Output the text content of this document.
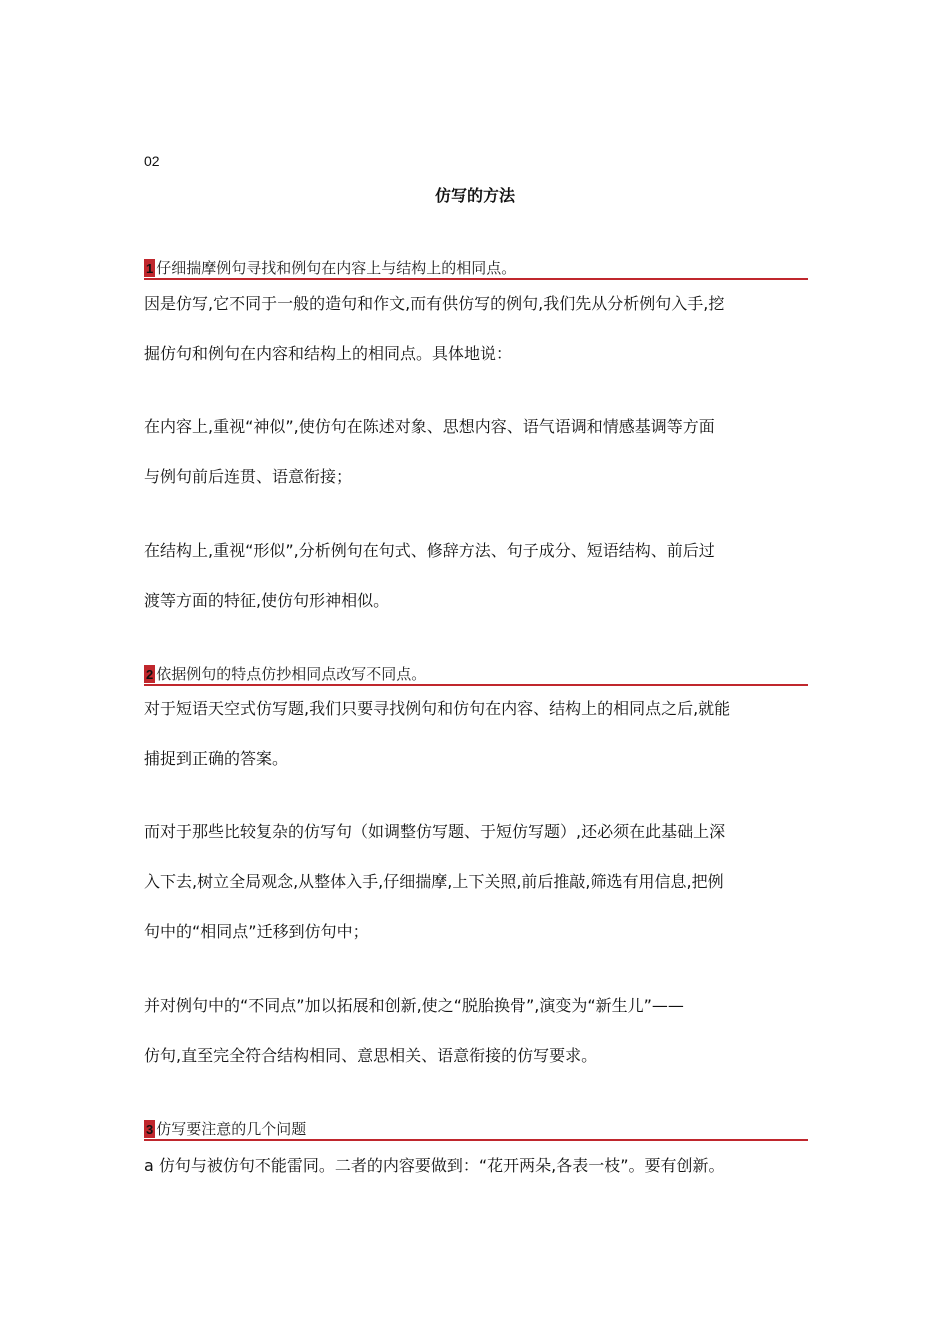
02
仿写的方法
1 仔细揣摩例句寻找和例句在内容上与结构上的相同点。
因是仿写,它不同于一般的造句和作文,而有供仿写的例句,我们先从分析例句入手,挖
掘仿句和例句在内容和结构上的相同点。具体地说：
在内容上,重视“神似”,使仿句在陈述对象、思想内容、语气语调和情感基调等方面
与例句前后连贯、语意衔接；
在结构上,重视“形似”,分析例句在句式、修辞方法、句子成分、短语结构、前后过
渡等方面的特征,使仿句形神相似。
2 依据例句的特点仿抄相同点改写不同点。
对于短语天空式仿写题,我们只要寻找例句和仿句在内容、结构上的相同点之后,就能
捕捉到正确的答案。
而对于那些比较复杂的仿写句（如调整仿写题、于短仿写题）,还必须在此基础上深
入下去,树立全局观念,从整体入手,仔细揣摩,上下关照,前后推敲,筛选有用信息,把例
句中的“相同点”迁移到仿句中；
并对例句中的“不同点”加以拓展和创新,使之“脱胎换骨”,演变为“新生儿”——
仿句,直至完全符合结构相同、意思相关、语意衔接的仿写要求。
3 仿写要注意的几个问题
a 仿句与被仿句不能雷同。二者的内容要做到：“花开两朵,各表一枝”。要有创新。
